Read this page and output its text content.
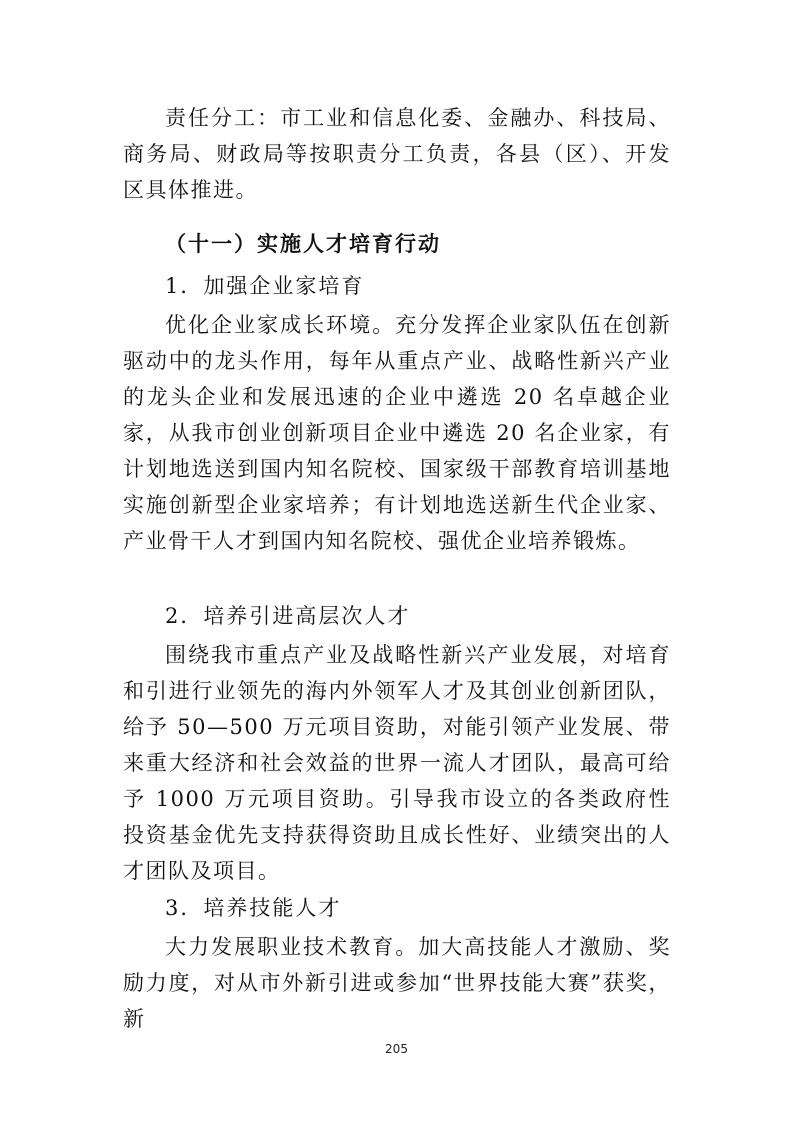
责任分工：市工业和信息化委、金融办、科技局、商务局、财政局等按职责分工负责，各县（区）、开发区具体推进。

（十一）实施人才培育行动

1．加强企业家培育

优化企业家成长环境。充分发挥企业家队伍在创新驱动中的龙头作用，每年从重点产业、战略性新兴产业的龙头企业和发展迅速的企业中遴选 20 名卓越企业家，从我市创业创新项目企业中遴选 20 名企业家，有计划地选送到国内知名院校、国家级干部教育培训基地实施创新型企业家培养；有计划地选送新生代企业家、产业骨干人才到国内知名院校、强优企业培养锻炼。

2．培养引进高层次人才

围绕我市重点产业及战略性新兴产业发展，对培育和引进行业领先的海内外领军人才及其创业创新团队，给予 50—500 万元项目资助，对能引领产业发展、带来重大经济和社会效益的世界一流人才团队，最高可给予 1000 万元项目资助。引导我市设立的各类政府性投资基金优先支持获得资助且成长性好、业绩突出的人才团队及项目。

3．培养技能人才

大力发展职业技术教育。加大高技能人才激励、奖励力度，对从市外新引进或参加“世界技能大赛”获奖，新

205
